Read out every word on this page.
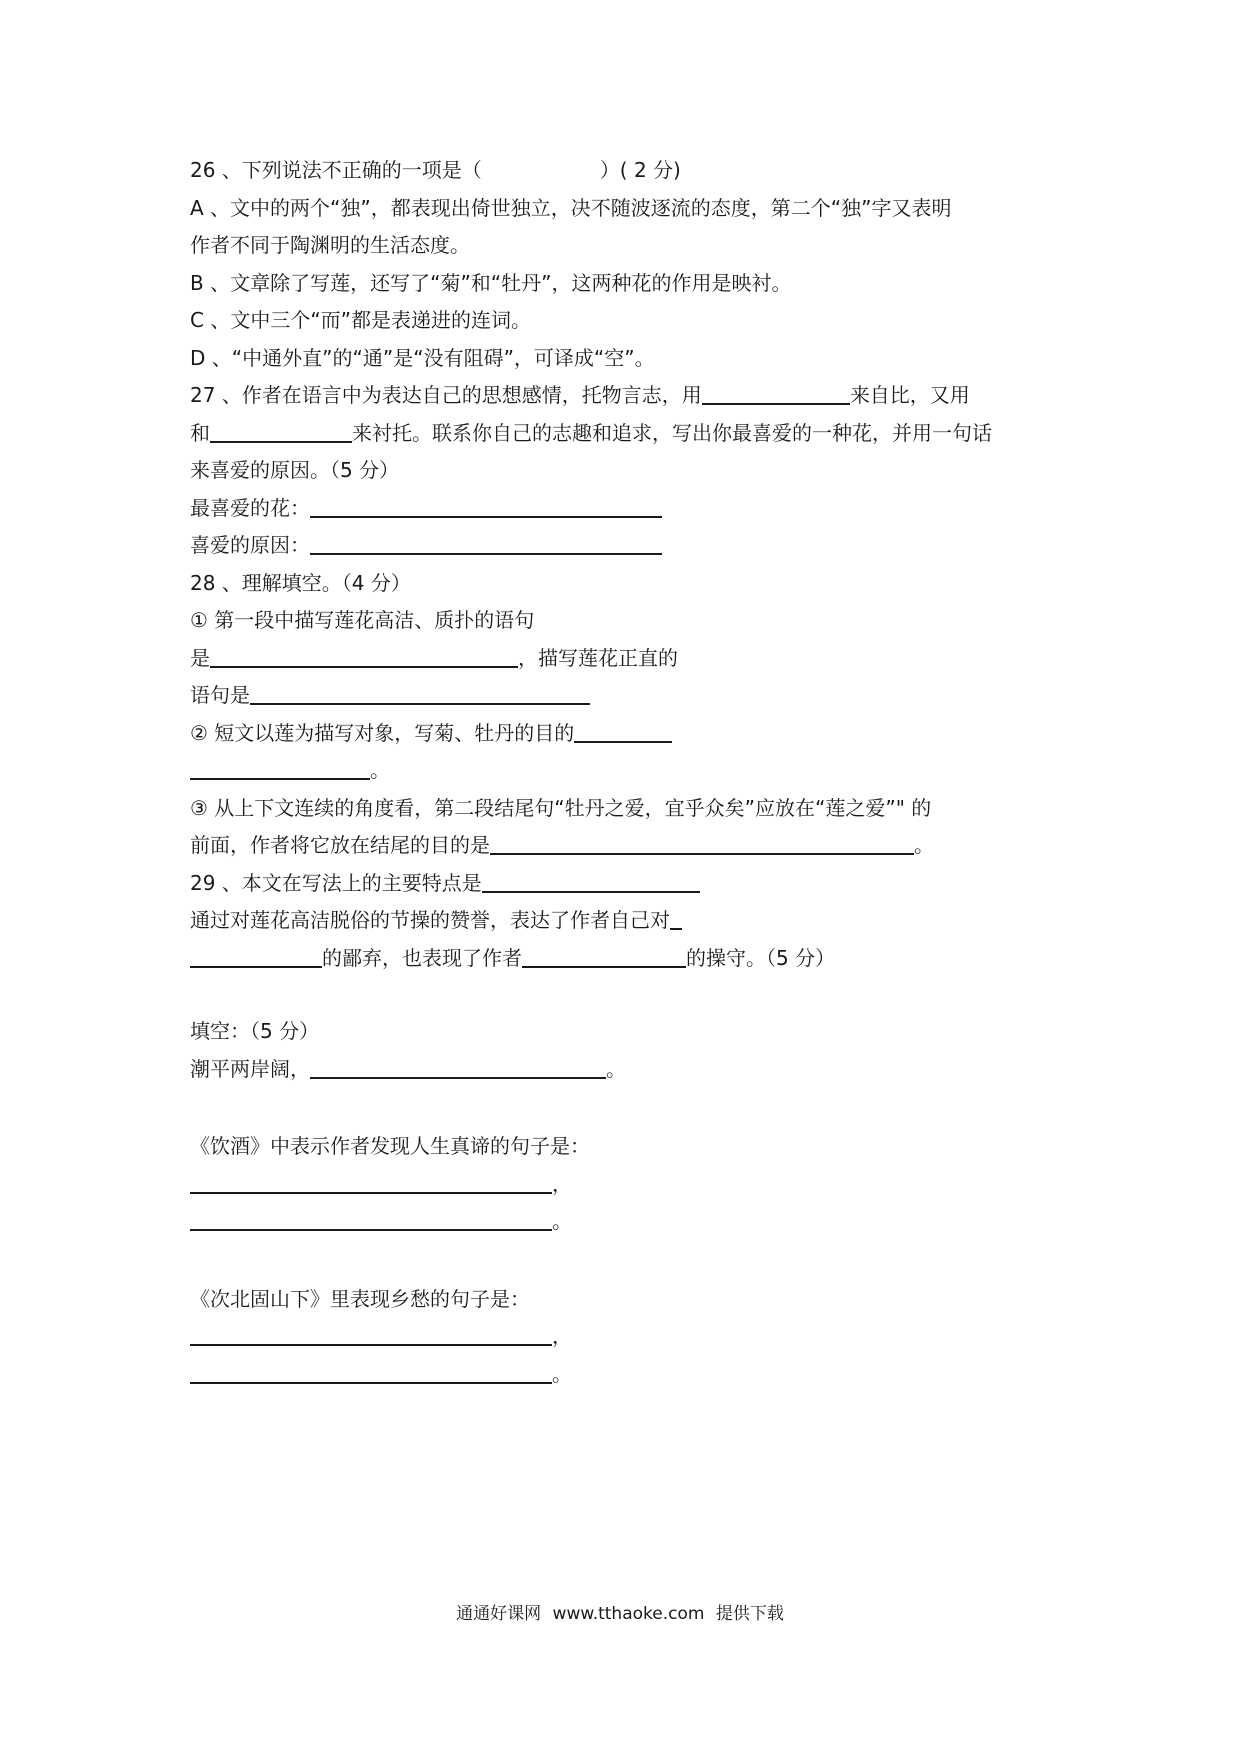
26 、下列说法不正确的一项是（	）( 2 分)
A 、文中的两个“独”，都表现出倚世独立，决不随波逐流的态度，第二个“独”字又表明
作者不同于陶渊明的生活态度。
B 、文章除了写莲，还写了“菊”和“牡丹”，这两种花的作用是映衬。
C 、文中三个“而”都是表递进的连词。
D 、“中通外直”的“通”是“没有阻碍”，可译成“空”。
27 、作者在语言中为表达自己的思想感情，托物言志，用	来自比，又用
和	来衬托。联系你自己的志趣和追求，写出你最喜爱的一种花，并用一句话
来喜爱的原因。（5 分）
最喜爱的花：
喜爱的原因：
28 、理解填空。（4 分）
① 第一段中描写莲花高洁、质扑的语句
是	，描写莲花正直的
语句是
② 短文以莲为描写对象，写菊、牡丹的目的
。
③ 从上下文连续的角度看，第二段结尾句“牡丹之爱，宜乎众矣”应放在“莲之爱”" 的
前面，作者将它放在结尾的目的是	。
29 、本文在写法上的主要特点是
通过对莲花高洁脱俗的节操的赞誉，表达了作者自己对
的鄙弃，也表现了作者	的操守。（5 分）
填空：（5 分）
潮平两岸阔，	。
《饮酒》中表示作者发现人生真谛的句子是：
，
。
《次北固山下》里表现乡愁的句子是：
，
。
通通好课网 www.tthaoke.com 提供下载
